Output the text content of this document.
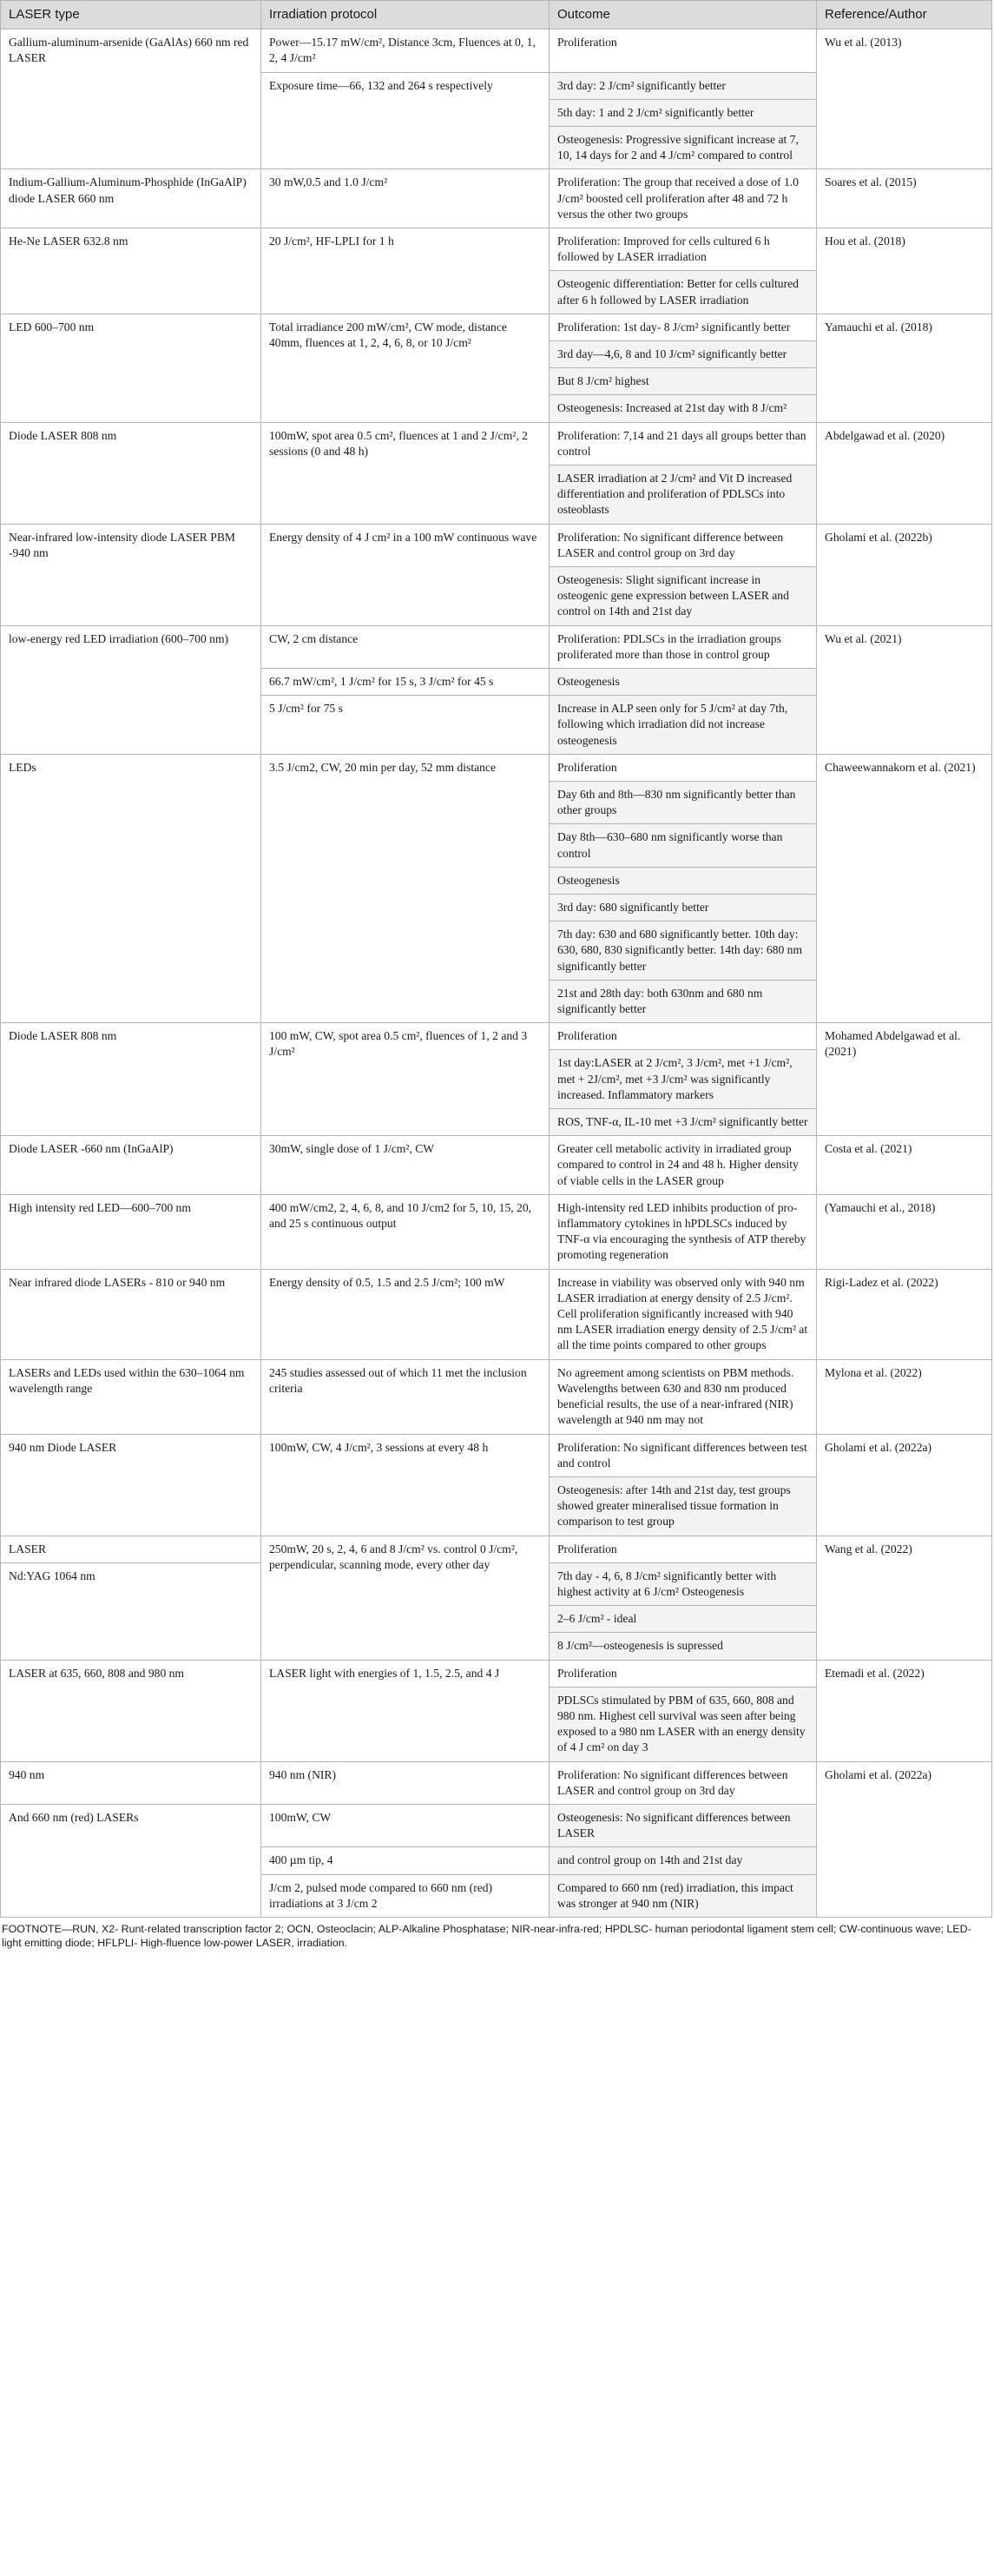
LASER type	Irradiation protocol	Outcome	Reference/Author
Gallium-aluminum-arsenide (GaAlAs) 660 nm red LASER	Power—15.17 mW/cm², Distance 3cm, Fluences at 0, 1, 2, 4 J/cm²	Proliferation	Wu et al. (2013)
	Exposure time—66, 132 and 264 s respectively	3rd day: 2 J/cm² significantly better	
		5th day: 1 and 2 J/cm² significantly better	
		Osteogenesis: Progressive significant increase at 7, 10, 14 days for 2 and 4 J/cm² compared to control	
Indium-Gallium-Aluminum-Phosphide (InGaAlP) diode LASER 660 nm	30 mW,0.5 and 1.0 J/cm²	Proliferation: The group that received a dose of 1.0 J/cm² boosted cell proliferation after 48 and 72 h versus the other two groups	Soares et al. (2015)
He-Ne LASER 632.8 nm	20 J/cm², HF-LPLI for 1 h	Proliferation: Improved for cells cultured 6 h followed by LASER irradiation	Hou et al. (2018)
		Osteogenic differentiation: Better for cells cultured after 6 h followed by LASER irradiation	
LED 600–700 nm	Total irradiance 200 mW/cm², CW mode, distance 40mm, fluences at 1, 2, 4, 6, 8, or 10 J/cm²	Proliferation: 1st day- 8 J/cm² significantly better	Yamauchi et al. (2018)
		3rd day—4,6, 8 and 10 J/cm² significantly better	
		But 8 J/cm² highest	
		Osteogenesis: Increased at 21st day with 8 J/cm²	
Diode LASER 808 nm	100mW, spot area 0.5 cm², fluences at 1 and 2 J/cm², 2 sessions (0 and 48 h)	Proliferation: 7,14 and 21 days all groups better than control	Abdelgawad et al. (2020)
		LASER irradiation at 2 J/cm² and Vit D increased differentiation and proliferation of PDLSCs into osteoblasts	
Near-infrared low-intensity diode LASER PBM -940 nm	Energy density of 4 J cm² in a 100 mW continuous wave	Proliferation: No significant difference between LASER and control group on 3rd day	Gholami et al. (2022b)
		Osteogenesis: Slight significant increase in osteogenic gene expression between LASER and control on 14th and 21st day	
low-energy red LED irradiation (600–700 nm)	CW, 2 cm distance	Proliferation: PDLSCs in the irradiation groups proliferated more than those in control group	Wu et al. (2021)
	66.7 mW/cm², 1 J/cm² for 15 s, 3 J/cm² for 45 s	Osteogenesis	
	5 J/cm² for 75 s	Increase in ALP seen only for 5 J/cm² at day 7th, following which irradiation did not increase osteogenesis	
LEDs	3.5 J/cm2, CW, 20 min per day, 52 mm distance	Proliferation	Chaweewannakorn et al. (2021)
		Day 6th and 8th—830 nm significantly better than other groups	
		Day 8th—630–680 nm significantly worse than control	
		Osteogenesis	
		3rd day: 680 significantly better	
		7th day: 630 and 680 significantly better. 10th day: 630, 680, 830 significantly better. 14th day: 680 nm significantly better	
		21st and 28th day: both 630nm and 680 nm significantly better	
Diode LASER 808 nm	100 mW, CW, spot area 0.5 cm², fluences of 1, 2 and 3 J/cm²	Proliferation	Mohamed Abdelgawad et al. (2021)
		1st day:LASER at 2 J/cm², 3 J/cm², met +1 J/cm², met + 2J/cm², met +3 J/cm² was significantly increased. Inflammatory markers	
		ROS, TNF-α, IL-10 met +3 J/cm² significantly better	
Diode LASER -660 nm (InGaAlP)	30mW, single dose of 1 J/cm², CW	Greater cell metabolic activity in irradiated group compared to control in 24 and 48 h. Higher density of viable cells in the LASER group	Costa et al. (2021)
High intensity red LED—600–700 nm	400 mW/cm2, 2, 4, 6, 8, and 10 J/cm2 for 5, 10, 15, 20, and 25 s continuous output	High-intensity red LED inhibits production of pro-inflammatory cytokines in hPDLSCs induced by TNF-α via encouraging the synthesis of ATP thereby promoting regeneration	(Yamauchi et al., 2018)
Near infrared diode LASERs - 810 or 940 nm	Energy density of 0.5, 1.5 and 2.5 J/cm²; 100 mW	Increase in viability was observed only with 940 nm LASER irradiation at energy density of 2.5 J/cm². Cell proliferation significantly increased with 940 nm LASER irradiation energy density of 2.5 J/cm² at all the time points compared to other groups	Rigi-Ladez et al. (2022)
LASERs and LEDs used within the 630–1064 nm wavelength range	245 studies assessed out of which 11 met the inclusion criteria	No agreement among scientists on PBM methods. Wavelengths between 630 and 830 nm produced beneficial results, the use of a near-infrared (NIR) wavelength at 940 nm may not	Mylona et al. (2022)
940 nm Diode LASER	100mW, CW, 4 J/cm², 3 sessions at every 48 h	Proliferation: No significant differences between test and control	Gholami et al. (2022a)
		Osteogenesis: after 14th and 21st day, test groups showed greater mineralised tissue formation in comparison to test group	
LASER	250mW, 20 s, 2, 4, 6 and 8 J/cm² vs. control 0 J/cm², perpendicular, scanning mode, every other day	Proliferation	Wang et al. (2022)
Nd:YAG 1064 nm		7th day - 4, 6, 8 J/cm² significantly better with highest activity at 6 J/cm² Osteogenesis	
		2–6 J/cm² - ideal	
		8 J/cm²—osteogenesis is supressed	
LASER at 635, 660, 808 and 980 nm	LASER light with energies of 1, 1.5, 2.5, and 4 J	Proliferation	Etemadi et al. (2022)
		PDLSCs stimulated by PBM of 635, 660, 808 and 980 nm. Highest cell survival was seen after being exposed to a 980 nm LASER with an energy density of 4 J cm² on day 3	
940 nm	940 nm (NIR)	Proliferation: No significant differences between LASER and control group on 3rd day	Gholami et al. (2022a)
And 660 nm (red) LASERs	100mW, CW	Osteogenesis: No significant differences between LASER	
	400 µm tip, 4	and control group on 14th and 21st day	
	J/cm 2, pulsed mode compared to 660 nm (red) irradiations at 3 J/cm 2	Compared to 660 nm (red) irradiation, this impact was stronger at 940 nm (NIR)	
FOOTNOTE—RUN, X2- Runt-related transcription factor 2; OCN, Osteoclacin; ALP-Alkaline Phosphatase; NIR-near-infra-red; HPDLSC- human periodontal ligament stem cell; CW-continuous wave; LED- light emitting diode; HFLPLI- High-fluence low-power LASER, irradiation.
